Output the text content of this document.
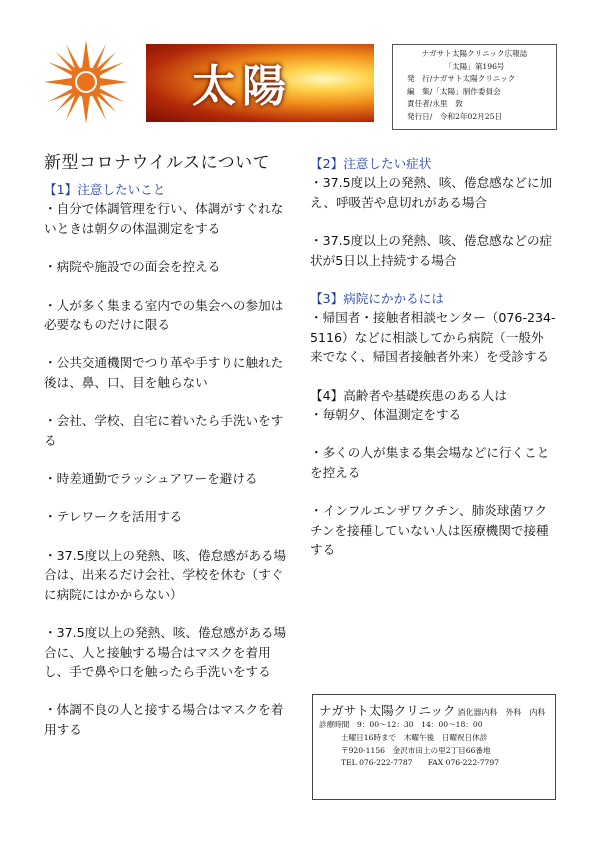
太陽
ナガサト太陽クリニック広報誌
「太陽」第196号
発　行/ナガサト太陽クリニック
編　集/「太陽」制作委員会
責任者/永里　敦
発行日/　令和2年02月25日
新型コロナウイルスについて
【1】注意したいこと
・自分で体調管理を行い、体調がすぐれないときは朝夕の体温測定をする
・病院や施設での面会を控える
・人が多く集まる室内での集会への参加は必要なものだけに限る
・公共交通機関でつり革や手すりに触れた後は、鼻、口、目を触らない
・会社、学校、自宅に着いたら手洗いをする
・時差通勤でラッシュアワーを避ける
・テレワークを活用する
・37.5度以上の発熱、咳、倦怠感がある場合は、出来るだけ会社、学校を休む（すぐに病院にはかからない）
・37.5度以上の発熱、咳、倦怠感がある場合に、人と接触する場合はマスクを着用し、手で鼻や口を触ったら手洗いをする
・体調不良の人と接する場合はマスクを着用する
【2】注意したい症状
・37.5度以上の発熱、咳、倦怠感などに加え、呼吸苦や息切れがある場合
・37.5度以上の発熱、咳、倦怠感などの症状が5日以上持続する場合
【3】病院にかかるには
・帰国者・接触者相談センター（076-234-5116）などに相談してから病院（一般外来でなく、帰国者接触者外来）を受診する
【4】高齢者や基礎疾患のある人は
・毎朝夕、体温測定をする
・多くの人が集まる集会場などに行くことを控える
・インフルエンザワクチン、肺炎球菌ワクチンを接種していない人は医療機関で接種する
ナガサト太陽クリニック 消化器内科　外科　内科
診療時間　 9：00～12：30　14：00～18：00
土曜日16時まで　木曜午後　日曜祝日休診
〒920-1156　金沢市田上の里2丁目66番地
TEL 076-222-7787　　FAX 076-222-7797
